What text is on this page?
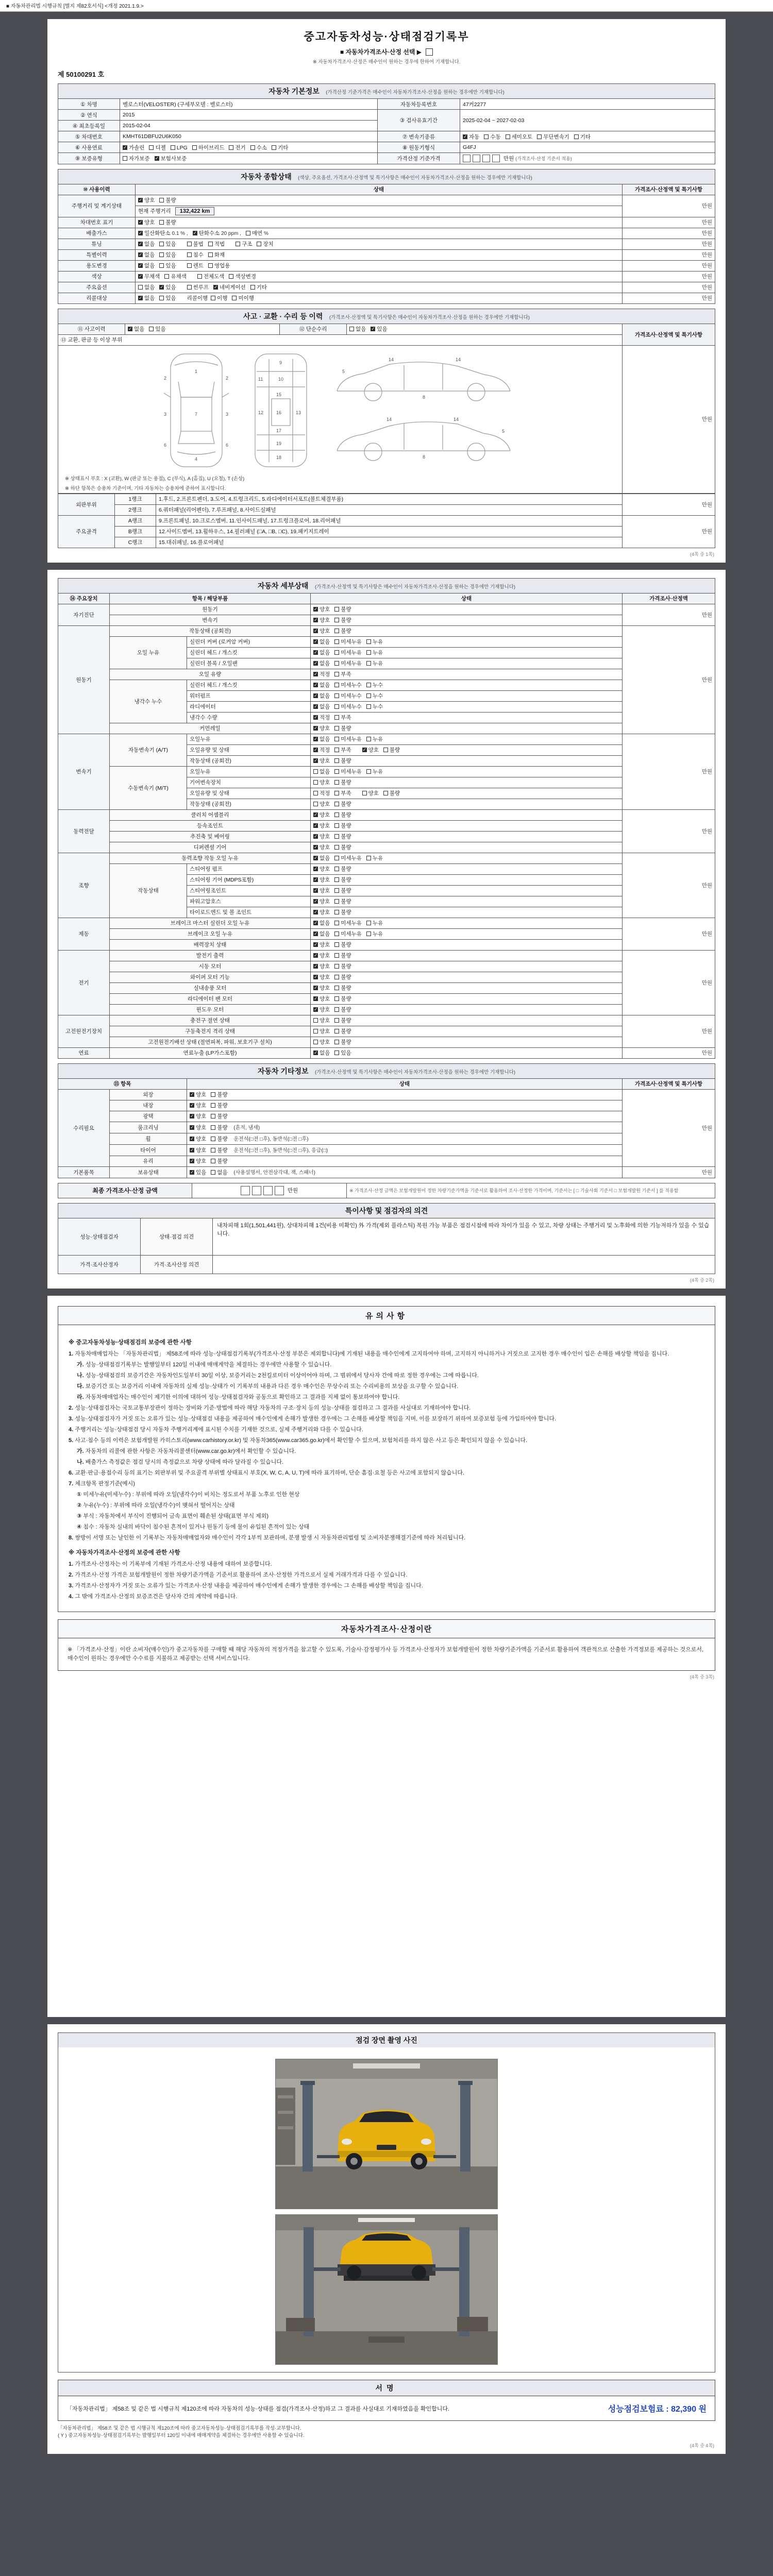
■ 자동차관리법 시행규칙 [별지 제82호서식] <개정 2021.1.9.>
중고자동차성능·상태점검기록부
■ 자동차가격조사·산정 선택 ▶
※ 자동차가격조사·산정은 매수인이 원하는 경우에 한하여 기재합니다.
제 50100291 호
자동차 기본정보 (가격산정 기준가격은 매수인이 자동차가격조사·산정을 원하는 경우에만 기재합니다)
① 차명	벨로스터(VELOSTER) (구세부모델 : 벨로스터)	자동차등록번호	47커2277
② 연식	2015	③ 검사유효기간	2025-02-04 ~ 2027-02-03
④ 최초등록일	2015-02-04		
⑤ 차대번호	KMHT61DBFU2U6K050	⑦ 변속기종류	✓자동 수동 세미오토 무단변속기 기타
⑥ 사용연료	✓가솔린 디젤 LPG 하이브리드 전기 수소 기타	⑧ 원동기형식	G4FJ
⑨ 보증유형	자가보증 ✓ 보험사보증	가격산정 기준가격	만원 (가격조사·산정 기준서 적용)
자동차 종합상태 (색상, 주요옵션, 가격조사·산정액 및 특기사항은 매수인이 자동차가격조사·산정을 원하는 경우에만 기재합니다)
⑩ 사용이력	상태	가격조사·산정액 및 특기사항
주행거리 및 계기상태	✓양호 불량	만원
	현재 주행거리 132,422 km	
차대번호 표기	✓양호 불량	만원
배출가스	✓일산화탄소 0.1 % , ✓ 탄화수소 20 ppm , 매연 %	만원
튜닝	✓없음 있음 불법 적법 구조 장치	만원
특별이력	✓없음 있음 침수 화재	만원
용도변경	✓없음 있음 렌트 영업용	만원
색상	✓무채색 유채색 전체도색 색상변경	만원
주요옵션	없음 ✓ 있음 썬루프 ✓ 네비게이션 기타	만원
리콜대상	✓없음 있음 리콜이행 이행 미이행	만원
사고 · 교환 · 수리 등 이력 (가격조사·산정액 및 특기사항은 매수인이 자동차가격조사·산정을 원하는 경우에만 기재합니다)
⑪ 사고이력	✓없음 있음	⑫ 단순수리	없음 ✓ 있음	가격조사·산정액 및 특기사항
⑬ 교환, 판금 등 이상 부위				

1
2	2
3	3
7
6	6
4
9
10
11
12	13
15
16
17
18
19
5
14
8
14
5
14
8
14
※ 상태표시 부호 : X (교환), W (판금 또는 용접), C (부식), A (흠집), U (요철), T (손상)
※ 하단 항목은 승용차 기준이며, 기타 자동차는 승용차에 준하여 표시합니다.
	만원
외판부위	1랭크	1.후드, 2.프론트펜더, 3.도어, 4.트렁크리드, 5.라디에이터서포트(볼트체결부품)	만원
	2랭크	6.쿼터패널(리어펜더), 7.루프패널, 8.사이드실패널	
주요골격	A랭크	9.프론트패널, 10.크로스멤버, 11.인사이드패널, 17.트렁크플로어, 18.리어패널	만원
	B랭크	12.사이드멤버, 13.휠하우스, 14.필러패널 (□A, □B, □C), 19.패키지트레이	
	C랭크	15.대쉬패널, 16.플로어패널	
(4쪽 중 1쪽)
자동차 세부상태 (가격조사·산정액 및 특기사항은 매수인이 자동차가격조사·산정을 원하는 경우에만 기재합니다)
⑭ 주요장치	항목 / 해당부품		상태	가격조사·산정액
자기진단	원동기	✓양호 불량	만원
	변속기	✓양호 불량
원동기	작동상태 (공회전)	✓양호 불량	만원
	오일 누유	실린더 커버 (로커암 커버)	✓없음 미세누유 누유
		실린더 헤드 / 개스킷	✓없음 미세누유 누유
		실린더 블록 / 오일팬	✓없음 미세누유 누유
	오일 유량	✓적정 부족
	냉각수 누수	실린더 헤드 / 개스킷	✓없음 미세누수 누수
		워터펌프	✓없음 미세누수 누수
		라디에이터	✓없음 미세누수 누수
		냉각수 수량	✓적정 부족
	커먼레일	✓양호 불량
변속기	자동변속기 (A/T)	오일누유	✓없음 미세누유 누유	만원
		오일유량 및 상태	✓적정 부족 ✓ 양호 불량
		작동상태 (공회전)	✓양호 불량
	수동변속기 (M/T)	오일누유	없음 미세누유 누유	
		기어변속장치	양호 불량	
		오일유량 및 상태	적정 부족 양호 불량	
		작동상태 (공회전)	양호 불량	
동력전달	클러치 어셈블리	✓양호 불량	만원
	등속조인트	✓양호 불량
	추진축 및 베어링	✓양호 불량
	디퍼렌셜 기어	✓양호 불량
조향	동력조향 작동 오일 누유	✓없음 미세누유 누유	만원
	작동상태	스티어링 펌프	✓양호 불량
		스티어링 기어 (MDPS포함)	✓양호 불량
		스티어링조인트	✓양호 불량
		파워고압호스	✓양호 불량
		타이로드엔드 및 볼 조인트	✓양호 불량
제동	브레이크 마스터 실린더 오일 누유	✓없음 미세누유 누유	만원
	브레이크 오일 누유	✓없음 미세누유 누유
	배력장치 상태	✓양호 불량
전기	발전기 출력	✓양호 불량	만원
	시동 모터	✓양호 불량
	와이퍼 모터 기능	✓양호 불량
	실내송풍 모터	✓양호 불량
	라디에이터 팬 모터	✓양호 불량
	윈도우 모터	✓양호 불량
고전원전기장치	충전구 절연 상태		양호 불량	만원
	구동축전지 격리 상태		양호 불량	
	고전원전기배선 상태 (절연피복, 파워, 보호기구 설치)		양호 불량	
연료	연료누출 (LP가스포함)	✓없음 있음	만원
자동차 기타정보 (가격조사·산정액 및 특기사항은 매수인이 자동차가격조사·산정을 원하는 경우에만 기재합니다)
⑮ 항목		상태	가격조사·산정액 및 특기사항
수리필요	외장	✓양호 불량	만원
	내장	✓양호 불량
	광택	✓양호 불량
	룸크리닝	✓양호 불량 (흔적, 냄새)
	휠	✓양호 불량 운전석(□전 □후), 동반석(□전 □후)
	타이어	✓양호 불량 운전석(□전 □후), 동반석(□전 □후), 응급(□)
	유리	✓양호 불량
기본품목	보유상태	✓있음 없음 (사용설명서, 안전삼각대, 잭, 스패너)	만원
최종 가격조사·산정 금액	만원	※ 가격조사·산정 금액은 보험개발원이 정한 차량기준가액을 기준서로 활용하여 조사·산정한 가격이며, 기준서는 [ □ 기술사회 기준서 □ 보험개발원 기준서 ] 를 적용함
특이사항 및 점검자의 의견
성능·상태점검자	상태·점검 의견	내차피해 1회(1,501,441원), 상대차피해 1건(비용 미확인) 外 가격(제외 플라스틱) 복원 가능 부품은 점검시점에 따라 차이가 있을 수 있고, 차량 상태는 주행거리 및 노후화에 의한 기능저하가 있을 수 있습니다.
가격·조사산정자	가격·조사산정 의견	
(4쪽 중 2쪽)
유의사항
※ 중고자동차성능·상태점검의 보증에 관한 사항
1. 자동차매매업자는 「자동차관리법」 제58조에 따라 성능·상태점검기록부(가격조사·산정 부분은 제외합니다)에 기재된 내용을 매수인에게 고지하여야 하며, 고지하지 아니하거나 거짓으로 고지한 경우 매수인이 입은 손해를 배상할 책임을 집니다.
가. 성능·상태점검기록부는 발행일부터 120일 이내에 매매계약을 체결하는 경우에만 사용할 수 있습니다.
나. 성능·상태점검의 보증기간은 자동차인도일부터 30일 이상, 보증거리는 2천킬로미터 이상이어야 하며, 그 범위에서 당사자 간에 따로 정한 경우에는 그에 따릅니다.
다. 보증기간 또는 보증거리 이내에 자동차의 실제 성능·상태가 이 기록부의 내용과 다른 경우 매수인은 무상수리 또는 수리비용의 보상을 요구할 수 있습니다.
라. 자동차매매업자는 매수인이 제기한 이의에 대하여 성능·상태점검자와 공동으로 확인하고 그 결과를 지체 없이 통보하여야 합니다.
2. 성능·상태점검자는 국토교통부장관이 정하는 장비와 기준·방법에 따라 해당 자동차의 구조·장치 등의 성능·상태를 점검하고 그 결과를 사실대로 기재하여야 합니다.
3. 성능·상태점검자가 거짓 또는 오류가 있는 성능·상태점검 내용을 제공하여 매수인에게 손해가 발생한 경우에는 그 손해를 배상할 책임을 지며, 이를 보장하기 위하여 보증보험 등에 가입하여야 합니다.
4. 주행거리는 성능·상태점검 당시 자동차 주행거리계에 표시된 수치를 기재한 것으로, 실제 주행거리와 다를 수 있습니다.
5. 사고·침수 등의 이력은 보험개발원 카히스토리(www.carhistory.or.kr) 및 자동차365(www.car365.go.kr)에서 확인할 수 있으며, 보험처리를 하지 않은 사고 등은 확인되지 않을 수 있습니다.
가. 자동차의 리콜에 관한 사항은 자동차리콜센터(www.car.go.kr)에서 확인할 수 있습니다.
나. 배출가스 측정값은 점검 당시의 측정값으로 차량 상태에 따라 달라질 수 있습니다.
6. 교환·판금·용접수리 등의 표기는 외판부위 및 주요골격 부위별 상태표시 부호(X, W, C, A, U, T)에 따라 표기하며, 단순 흠집·요철 등은 사고에 포함되지 않습니다.
7. 체크항목 판정기준(예시)
① 미세누유(미세누수) : 부위에 따라 오일(냉각수)이 비치는 정도로서 부품 노후로 인한 현상
② 누유(누수) : 부위에 따라 오일(냉각수)이 맺혀서 떨어지는 상태
③ 부식 : 자동차에서 부식이 진행되어 금속 표면이 훼손된 상태(표면 부식 제외)
④ 침수 : 자동차 실내의 바닥이 침수된 흔적이 있거나 원동기 등에 물이 유입된 흔적이 있는 상태
8. 쌍방이 서명 또는 날인한 이 기록부는 자동차매매업자와 매수인이 각각 1부씩 보관하며, 분쟁 발생 시 자동차관리법령 및 소비자분쟁해결기준에 따라 처리됩니다.
※ 자동차가격조사·산정의 보증에 관한 사항
1. 가격조사·산정자는 이 기록부에 기재된 가격조사·산정 내용에 대하여 보증합니다.
2. 가격조사·산정 가격은 보험개발원이 정한 차량기준가액을 기준서로 활용하여 조사·산정한 가격으로서 실제 거래가격과 다를 수 있습니다.
3. 가격조사·산정자가 거짓 또는 오류가 있는 가격조사·산정 내용을 제공하여 매수인에게 손해가 발생한 경우에는 그 손해를 배상할 책임을 집니다.
4. 그 밖에 가격조사·산정의 보증조건은 당사자 간의 계약에 따릅니다.
자동차가격조사·산정이란
※ 「가격조사·산정」이란 소비자(매수인)가 중고자동차를 구매할 때 해당 자동차의 적정가격을 참고할 수 있도록, 기술사·감정평가사 등 가격조사·산정자가 보험개발원이 정한 차량기준가액을 기준서로 활용하여 객관적으로 산출한 가격정보를 제공하는 것으로서, 매수인이 원하는 경우에만 수수료를 지불하고 제공받는 선택 서비스입니다.
(4쪽 중 3쪽)
점검 장면 촬영 사진
서명
「자동차관리법」 제58조 및 같은 법 시행규칙 제120조에 따라 자동차의 성능·상태를 점검(가격조사·산정)하고 그 결과를 사실대로 기재하였음을 확인합니다.	성능점검보험료 : 82,390 원
「자동차관리법」 제58조 및 같은 법 시행규칙 제120조에 따라 중고자동차성능·상태점검기록부를 작성·교부합니다.
( Y ) 중고자동차성능·상태점검기록부는 발행일부터 120일 이내에 매매계약을 체결하는 경우에만 사용할 수 있습니다.
(4쪽 중 4쪽)
